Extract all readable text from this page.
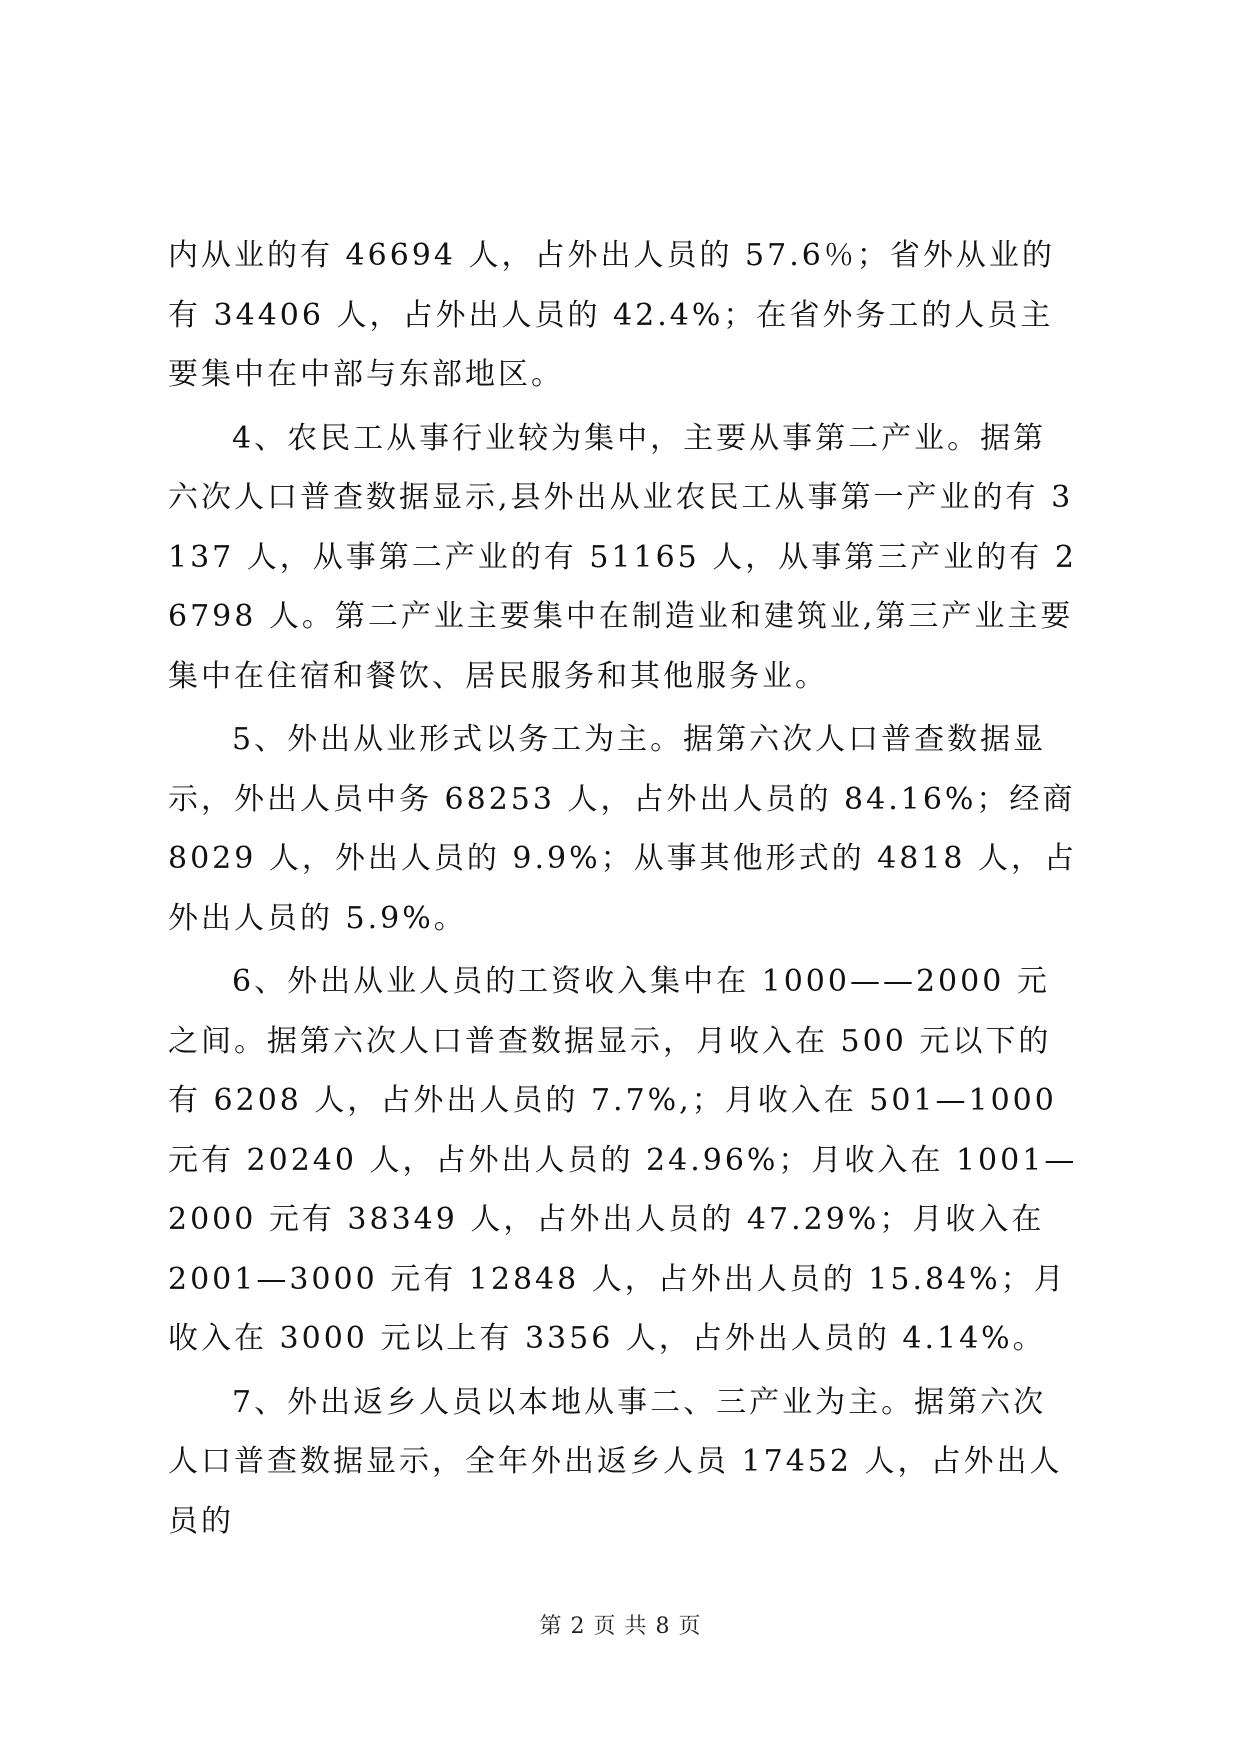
内从业的有 46694 人，占外出人员的 57.6％；省外从业的有 34406 人，占外出人员的 42.4%；在省外务工的人员主要集中在中部与东部地区。

4、农民工从事行业较为集中，主要从事第二产业。据第六次人口普查数据显示,县外出从业农民工从事第一产业的有 3137 人，从事第二产业的有 51165 人，从事第三产业的有 26798 人。第二产业主要集中在制造业和建筑业,第三产业主要集中在住宿和餐饮、居民服务和其他服务业。

5、外出从业形式以务工为主。据第六次人口普查数据显示，外出人员中务 68253 人，占外出人员的 84.16%；经商 8029 人，外出人员的 9.9%；从事其他形式的 4818 人，占外出人员的 5.9%。

6、外出从业人员的工资收入集中在 1000——2000 元之间。据第六次人口普查数据显示，月收入在 500 元以下的有 6208 人，占外出人员的 7.7%,；月收入在 501—1000 元有 20240 人，占外出人员的 24.96%；月收入在 1001—2000 元有 38349 人，占外出人员的 47.29%；月收入在 2001—3000 元有 12848 人，占外出人员的 15.84%；月收入在 3000 元以上有 3356 人，占外出人员的 4.14%。

7、外出返乡人员以本地从事二、三产业为主。据第六次人口普查数据显示，全年外出返乡人员 17452 人，占外出人员的

第 2 页 共 8 页
